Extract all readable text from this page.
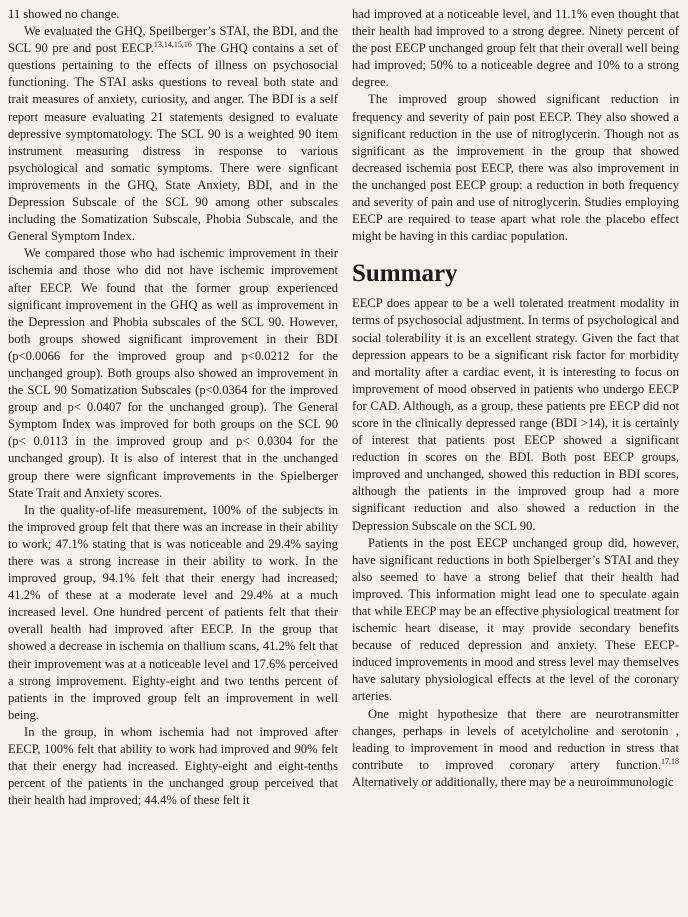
11 showed no change.

We evaluated the GHQ, Speilberger’s STAI, the BDI, and the SCL 90 pre and post EECP.$^{13,14,15,16}$ The GHQ contains a set of questions pertaining to the effects of illness on psychosocial functioning. The STAI asks questions to reveal both state and trait measures of anxiety, curiosity, and anger. The BDI is a self report measure evaluating 21 statements designed to evaluate depressive symptomatology. The SCL 90 is a weighted 90 item instrument measuring distress in response to various psychological and somatic symptoms. There were signficant improvements in the GHQ, State Anxiety, BDI, and in the Depression Subscale of the SCL 90 among other subscales including the Somatization Subscale, Phobia Subscale, and the General Symptom Index.

We compared those who had ischemic improvement in their ischemia and those who did not have ischemic improvement after EECP. We found that the former group experienced significant improvement in the GHQ as well as improvement in the Depression and Phobia subscales of the SCL 90. However, both groups showed significant improvement in their BDI (p<0.0066 for the improved group and p<0.0212 for the unchanged group). Both groups also showed an improvement in the SCL 90 Somatization Subscales (p<0.0364 for the improved group and p< 0.0407 for the unchanged group). The General Symptom Index was improved for both groups on the SCL 90 (p< 0.0113 in the improved group and p< 0.0304 for the unchanged group). It is also of interest that in the unchanged group there were signficant improvements in the Spielberger State Trait and Anxiety scores.

In the quality-of-life measurement, 100% of the subjects in the improved group felt that there was an increase in their ability to work; 47.1% stating that is was noticeable and 29.4% saying there was a strong increase in their ability to work. In the improved group, 94.1% felt that their energy had increased; 41.2% of these at a moderate level and 29.4% at a much increased level. One hundred percent of patients felt that their overall health had improved after EECP. In the group that showed a decrease in ischemia on thallium scans, 41.2% felt that their improvement was at a noticeable level and 17.6% perceived a strong improvement. Eighty-eight and two tenths percent of patients in the improved group felt an improvement in well being.

In the group, in whom ischemia had not improved after EECP, 100% felt that ability to work had improved and 90% felt that their energy had increased. Eighty-eight and eight-tenths percent of the patients in the unchanged group perceived that their health had improved; 44.4% of these felt it

had improved at a noticeable level, and 11.1% even thought that their health had improved to a strong degree. Ninety percent of the post EECP unchanged group felt that their overall well being had improved; 50% to a noticeable degree and 10% to a strong degree.

The improved group showed significant reduction in frequency and severity of pain post EECP. They also showed a significant reduction in the use of nitroglycerin. Though not as significant as the improvement in the group that showed decreased ischemia post EECP, there was also improvement in the unchanged post EECP group: a reduction in both frequency and severity of pain and use of nitroglycerin. Studies employing EECP are required to tease apart what role the placebo effect might be having in this cardiac population.

Summary

EECP does appear to be a well tolerated treatment modality in terms of psychosocial adjustment. In terms of psychological and social tolerability it is an excellent strategy. Given the fact that depression appears to be a significant risk factor for morbidity and mortality after a cardiac event, it is interesting to focus on improvement of mood observed in patients who undergo EECP for CAD. Although, as a group, these patients pre EECP did not score in the clinically depressed range (BDI >14), it is certainly of interest that patients post EECP showed a significant reduction in scores on the BDI. Both post EECP groups, improved and unchanged, showed this reduction in BDI scores, although the patients in the improved group had a more significant reduction and also showed a reduction in the Depression Subscale on the SCL 90.

Patients in the post EECP unchanged group did, however, have significant reductions in both Spielberger’s STAI and they also seemed to have a strong belief that their health had improved. This information might lead one to speculate again that while EECP may be an effective physiological treatment for ischemic heart disease, it may provide secondary benefits because of reduced depression and anxiety. These EECP-induced improvements in mood and stress level may themselves have salutary physiological effects at the level of the coronary arteries.

One might hypothesize that there are neurotransmitter changes, perhaps in levels of acetylcholine and serotonin , leading to improvement in mood and reduction in stress that contribute to improved coronary artery function.$^{17,18}$ Alternatively or additionally, there may be a neuroimmunologic
